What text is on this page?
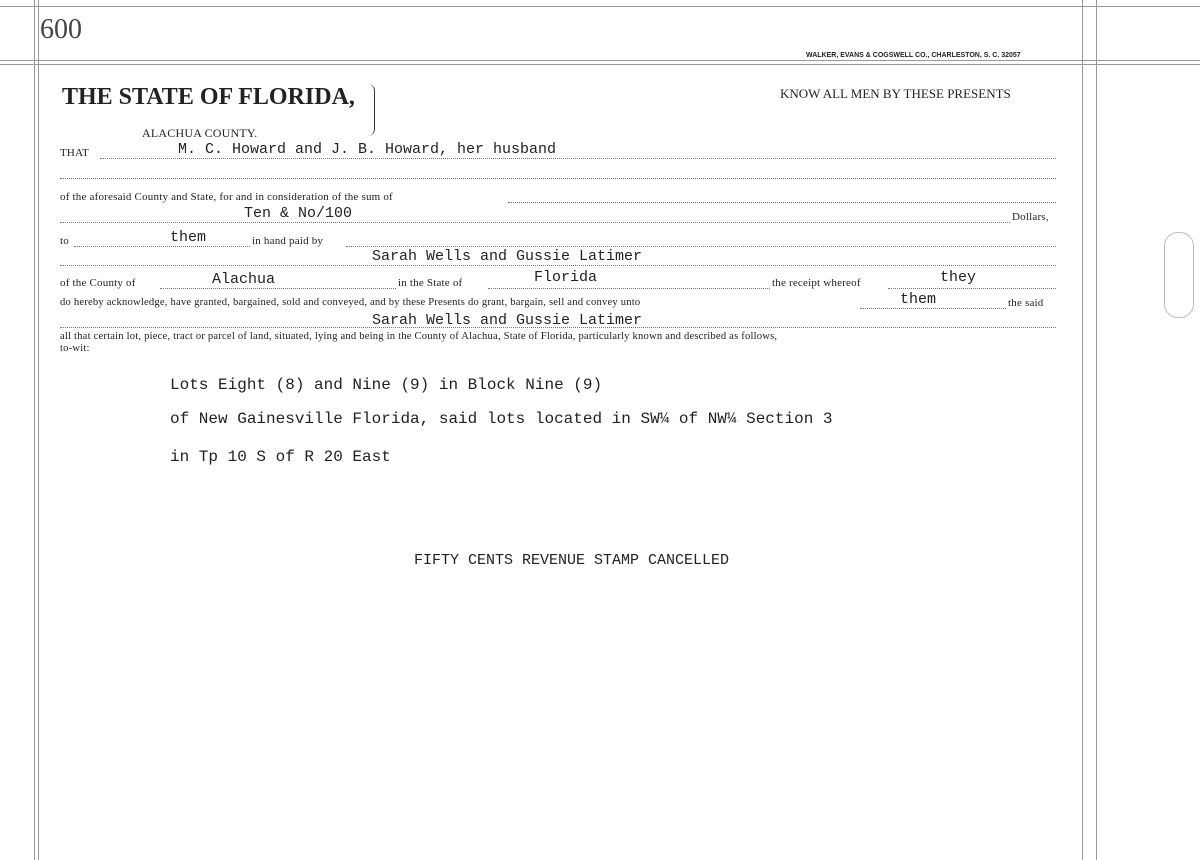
600
WALKER, EVANS & COGSWELL CO., CHARLESTON, S. C. 32057
THE STATE OF FLORIDA,
ALACHUA COUNTY.
KNOW ALL MEN BY THESE PRESENTS
THAT	M. C. Howard and J. B. Howard, her husband
of the aforesaid County and State, for and in consideration of the sum of
Ten & No/100	Dollars,
to	them	in hand paid by
Sarah Wells and Gussie Latimer
of the County of	Alachua	in the State of	Florida	the receipt whereof	they
do hereby acknowledge, have granted, bargained, sold and conveyed, and by these Presents do grant, bargain, sell and convey unto	them	the said
Sarah Wells and Gussie Latimer
all that certain lot, piece, tract or parcel of land, situated, lying and being in the County of Alachua, State of Florida, particularly known and described as follows,
to-wit:
Lots Eight (8) and Nine (9) in Block Nine (9)
of New Gainesville Florida, said lots located in SW¼ of NW¼ Section 3
in Tp 10 S of R 20 East
FIFTY CENTS REVENUE STAMP CANCELLED
